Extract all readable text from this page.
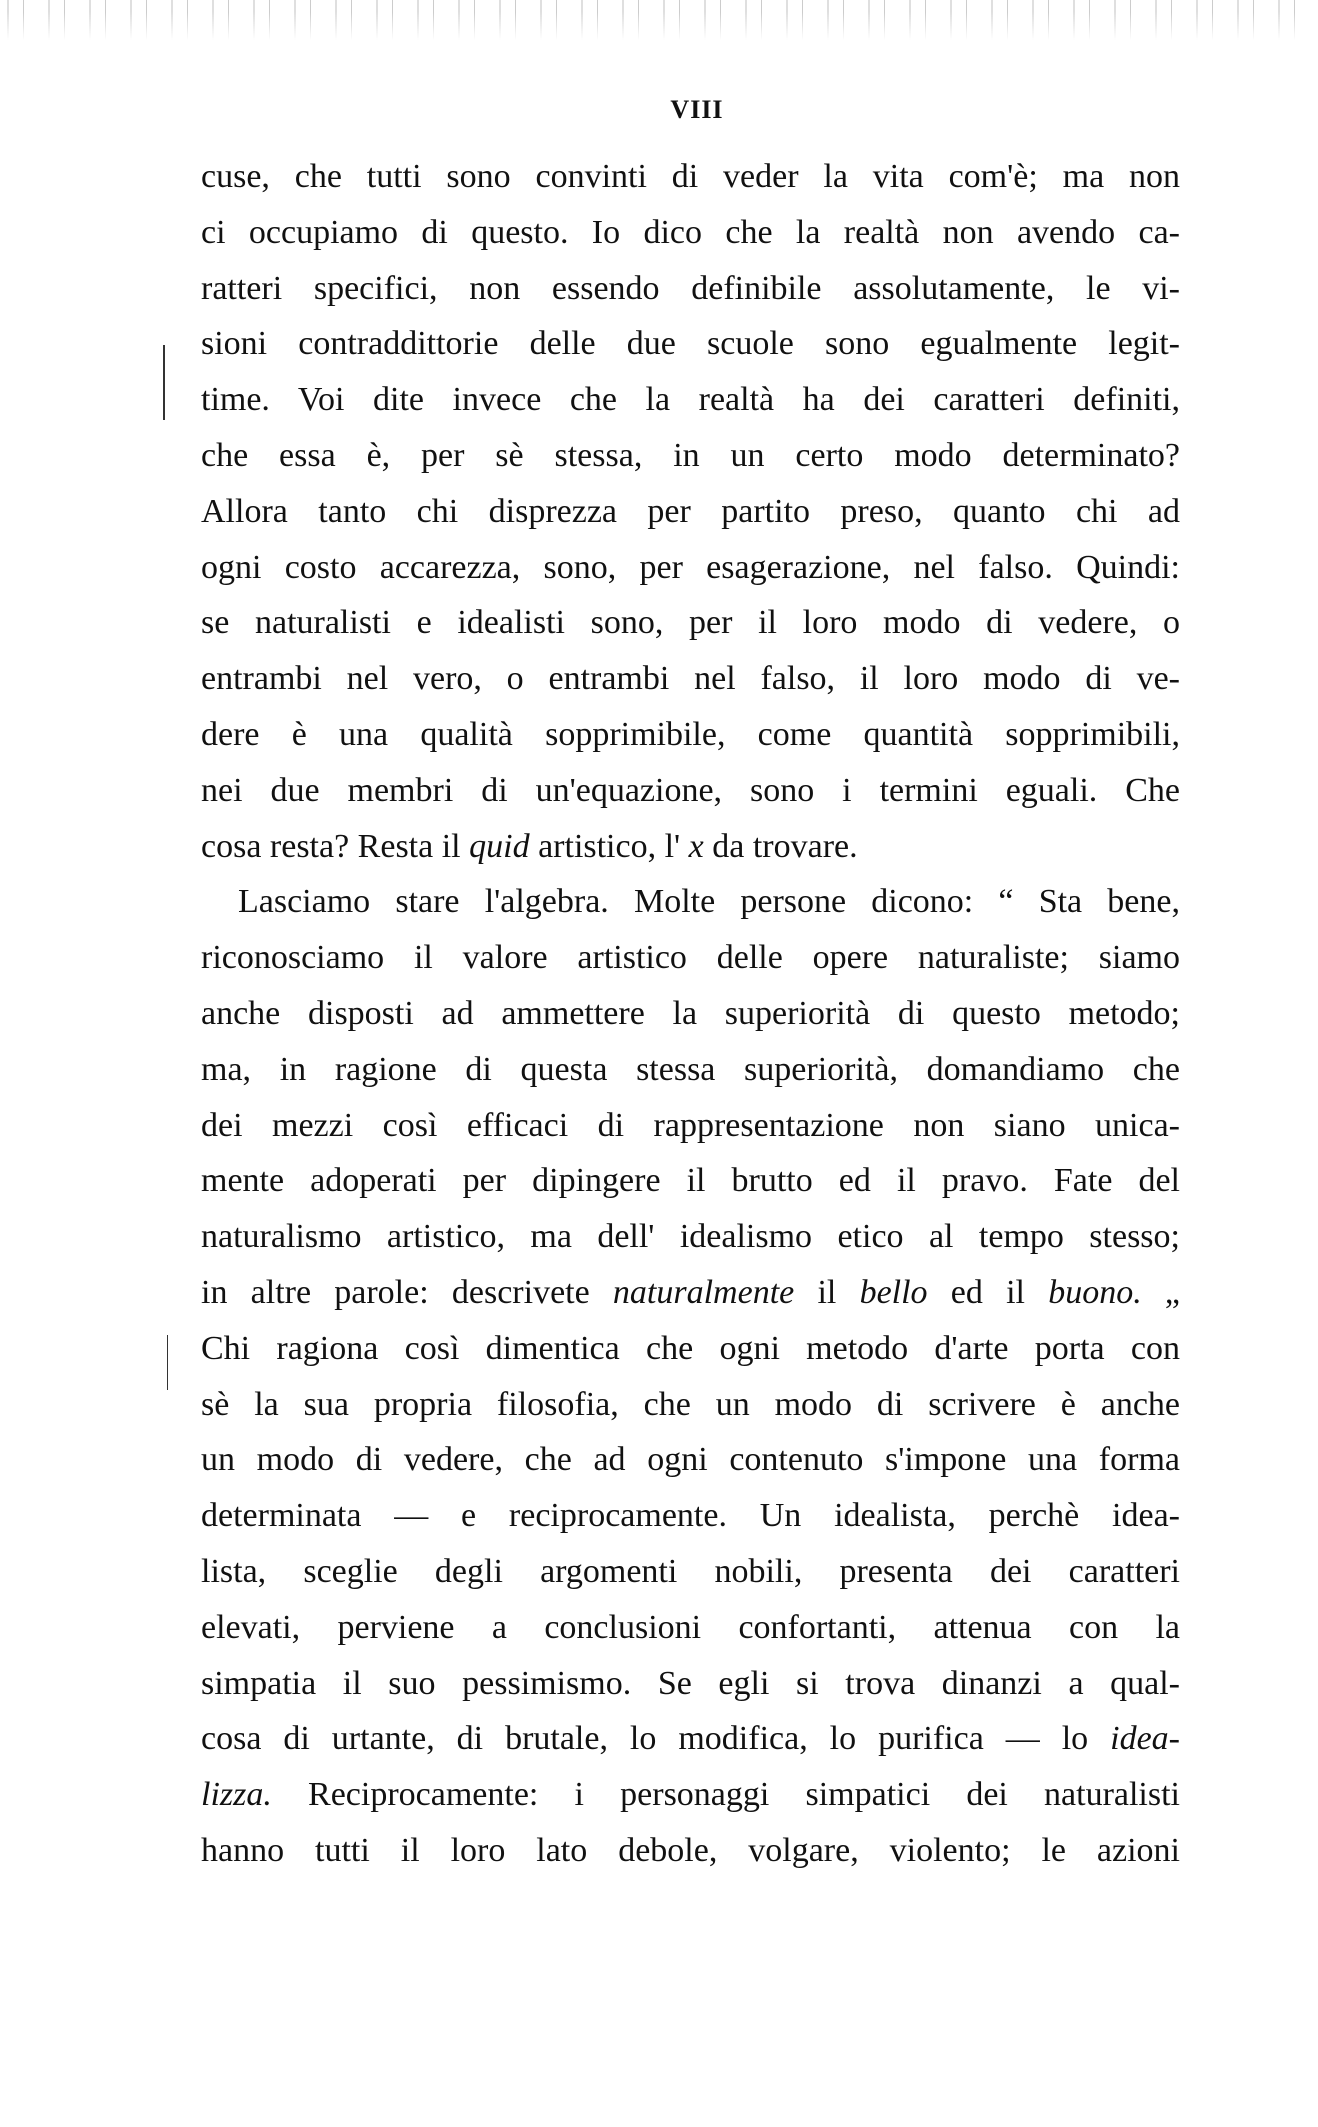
VIII
cuse, che tutti sono convinti di veder la vita com'è; ma non
ci occupiamo di questo. Io dico che la realtà non avendo ca-
ratteri specifici, non essendo definibile assolutamente, le vi-
sioni contraddittorie delle due scuole sono egualmente legit-
time. Voi dite invece che la realtà ha dei caratteri definiti,
che essa è, per sè stessa, in un certo modo determinato?
Allora tanto chi disprezza per partito preso, quanto chi ad
ogni costo accarezza, sono, per esagerazione, nel falso. Quindi:
se naturalisti e idealisti sono, per il loro modo di vedere, o
entrambi nel vero, o entrambi nel falso, il loro modo di ve-
dere è una qualità sopprimibile, come quantità sopprimibili,
nei due membri di un'equazione, sono i termini eguali. Che
cosa resta? Resta il quid artistico, l' x da trovare.
Lasciamo stare l'algebra. Molte persone dicono: “ Sta bene,
riconosciamo il valore artistico delle opere naturaliste; siamo
anche disposti ad ammettere la superiorità di questo metodo;
ma, in ragione di questa stessa superiorità, domandiamo che
dei mezzi così efficaci di rappresentazione non siano unica-
mente adoperati per dipingere il brutto ed il pravo. Fate del
naturalismo artistico, ma dell' idealismo etico al tempo stesso;
in altre parole: descrivete naturalmente il bello ed il buono. „
Chi ragiona così dimentica che ogni metodo d'arte porta con
sè la sua propria filosofia, che un modo di scrivere è anche
un modo di vedere, che ad ogni contenuto s'impone una forma
determinata — e reciprocamente. Un idealista, perchè idea-
lista, sceglie degli argomenti nobili, presenta dei caratteri
elevati, perviene a conclusioni confortanti, attenua con la
simpatia il suo pessimismo. Se egli si trova dinanzi a qual-
cosa di urtante, di brutale, lo modifica, lo purifica — lo idea-
lizza. Reciprocamente: i personaggi simpatici dei naturalisti
hanno tutti il loro lato debole, volgare, violento; le azioni
